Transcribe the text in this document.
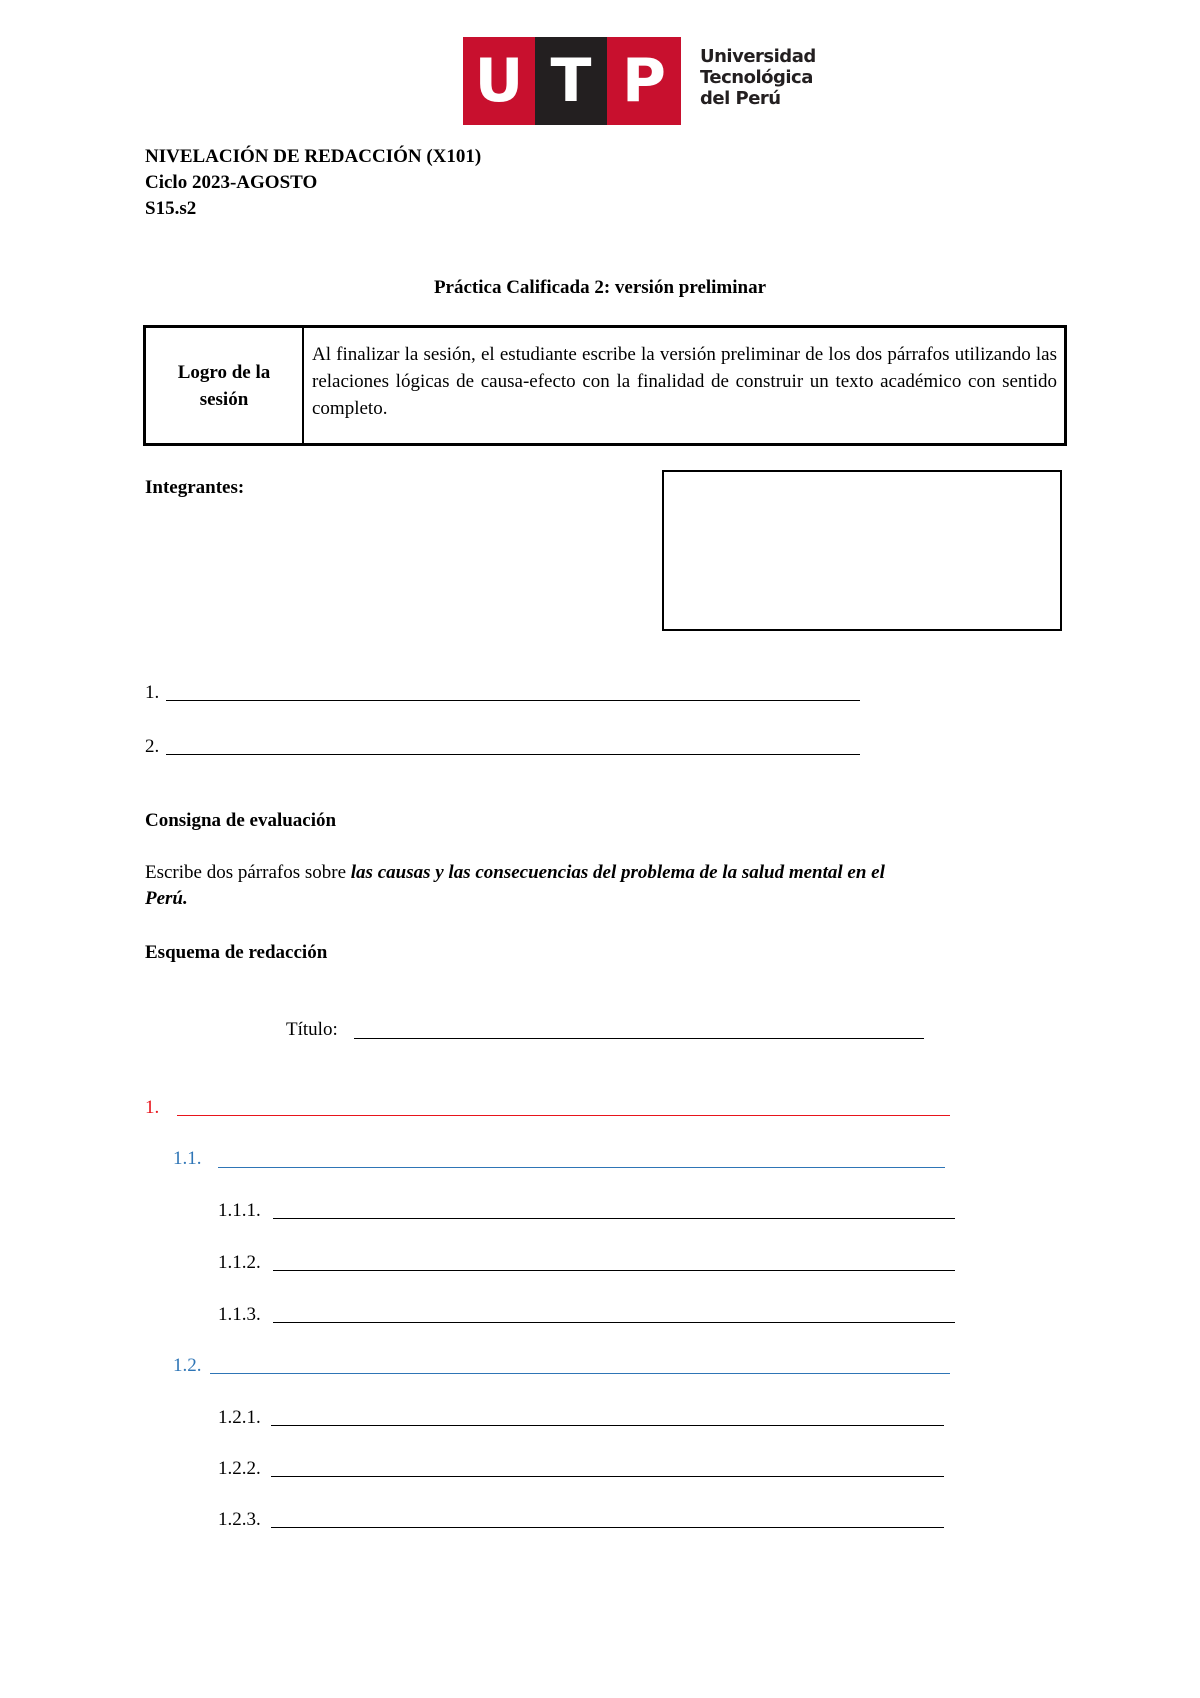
U T P	Universidad
Tecnológica
del Perú
NIVELACIÓN DE REDACCIÓN (X101)
Ciclo 2023-AGOSTO
S15.s2
Práctica Calificada 2: versión preliminar
Logro de la sesión
Al finalizar la sesión, el estudiante escribe la versión preliminar de los dos párrafos utilizando las relaciones lógicas de causa-efecto con la finalidad de construir un texto académico con sentido completo.
Integrantes:
1.
2.
Consigna de evaluación
Escribe dos párrafos sobre las causas y las consecuencias del problema de la salud mental en el
Perú.
Esquema de redacción
Título:
1.
1.1.
1.1.1.
1.1.2.
1.1.3.
1.2.
1.2.1.
1.2.2.
1.2.3.
